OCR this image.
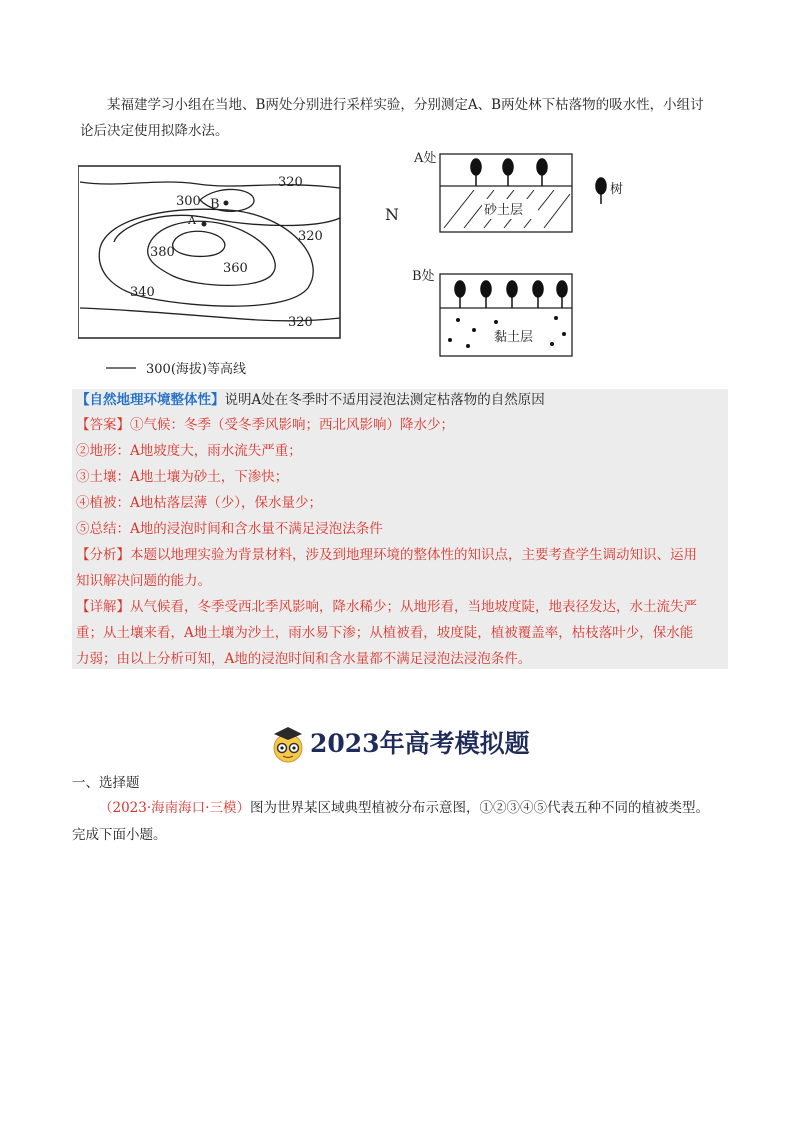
某福建学习小组在当地、B两处分别进行采样实验，分别测定A、B两处林下枯落物的吸水性，小组讨

论后决定使用拟降水法。
320
300 B
A
320
380
360
340
320
300(海拔)等高线
N
A处
砂土层
树
B处
黏土层
【自然地理环境整体性】说明A处在冬季时不适用浸泡法测定枯落物的自然原因
【答案】①气候：冬季（受冬季风影响；西北风影响）降水少；
②地形：A地坡度大，雨水流失严重；
③土壤：A地土壤为砂土，下渗快；
④植被：A地枯落层薄（少），保水量少；
⑤总结：A地的浸泡时间和含水量不满足浸泡法条件
【分析】本题以地理实验为背景材料，涉及到地理环境的整体性的知识点，主要考查学生调动知识、运用
知识解决问题的能力。
【详解】从气候看，冬季受西北季风影响，降水稀少；从地形看，当地坡度陡，地表径发达，水土流失严
重；从土壤来看，A地土壤为沙土，雨水易下渗；从植被看，坡度陡，植被覆盖率，枯枝落叶少，保水能
力弱；由以上分析可知，A地的浸泡时间和含水量都不满足浸泡法浸泡条件。
2023年高考模拟题
一、选择题
（2023·海南海口·三模）图为世界某区域典型植被分布示意图，①②③④⑤代表五种不同的植被类型。
完成下面小题。
